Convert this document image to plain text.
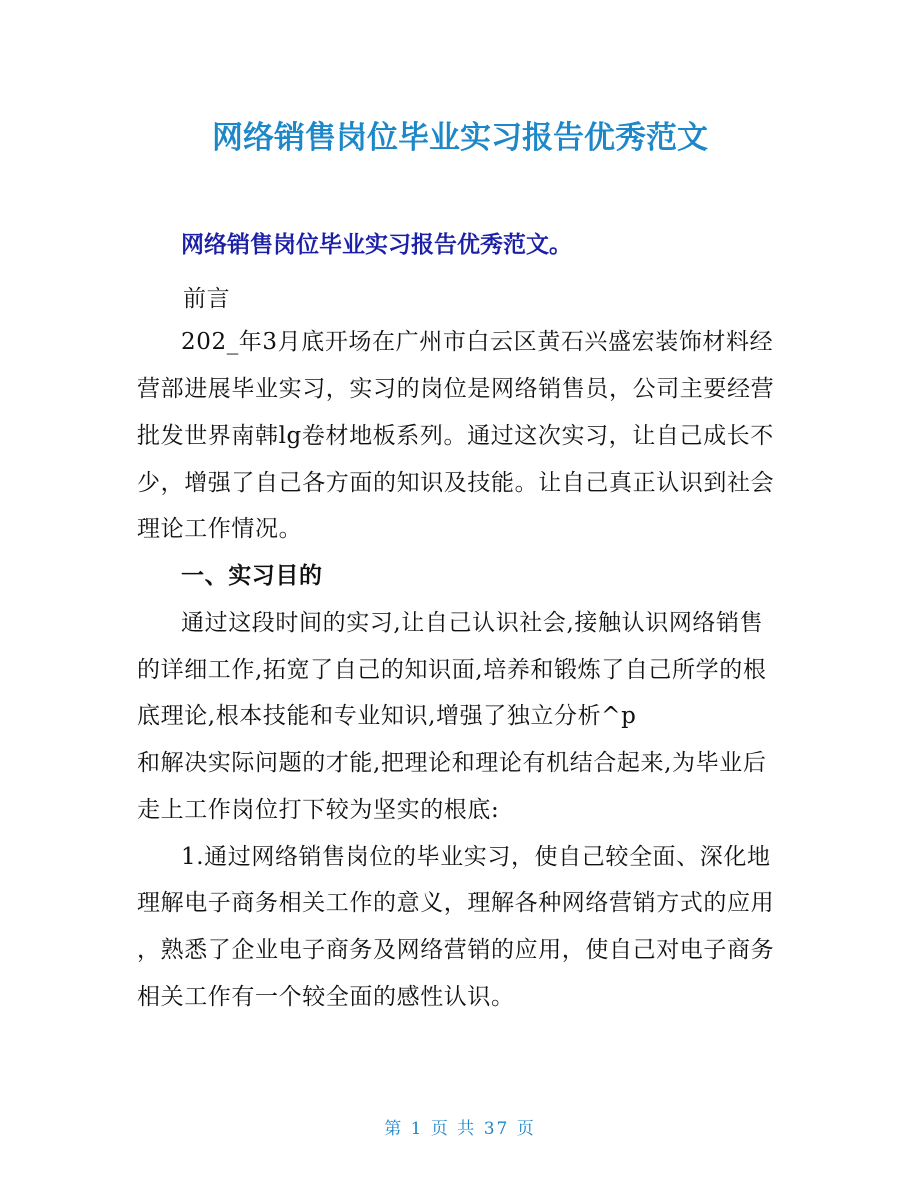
网络销售岗位毕业实习报告优秀范文
网络销售岗位毕业实习报告优秀范文。
前言
202_年3月底开场在广州市白云区黄石兴盛宏装饰材料经
营部进展毕业实习，实习的岗位是网络销售员，公司主要经营
批发世界南韩lg卷材地板系列。通过这次实习，让自己成长不
少，增强了自己各方面的知识及技能。让自己真正认识到社会
理论工作情况。
一、实习目的
通过这段时间的实习,让自己认识社会,接触认识网络销售
的详细工作,拓宽了自己的知识面,培养和锻炼了自己所学的根
底理论,根本技能和专业知识,增强了独立分析^p
和解决实际问题的才能,把理论和理论有机结合起来,为毕业后
走上工作岗位打下较为坚实的根底:
1.通过网络销售岗位的毕业实习，使自己较全面、深化地
理解电子商务相关工作的意义，理解各种网络营销方式的应用
，熟悉了企业电子商务及网络营销的应用，使自己对电子商务
相关工作有一个较全面的感性认识。
第 1 页 共 37 页
